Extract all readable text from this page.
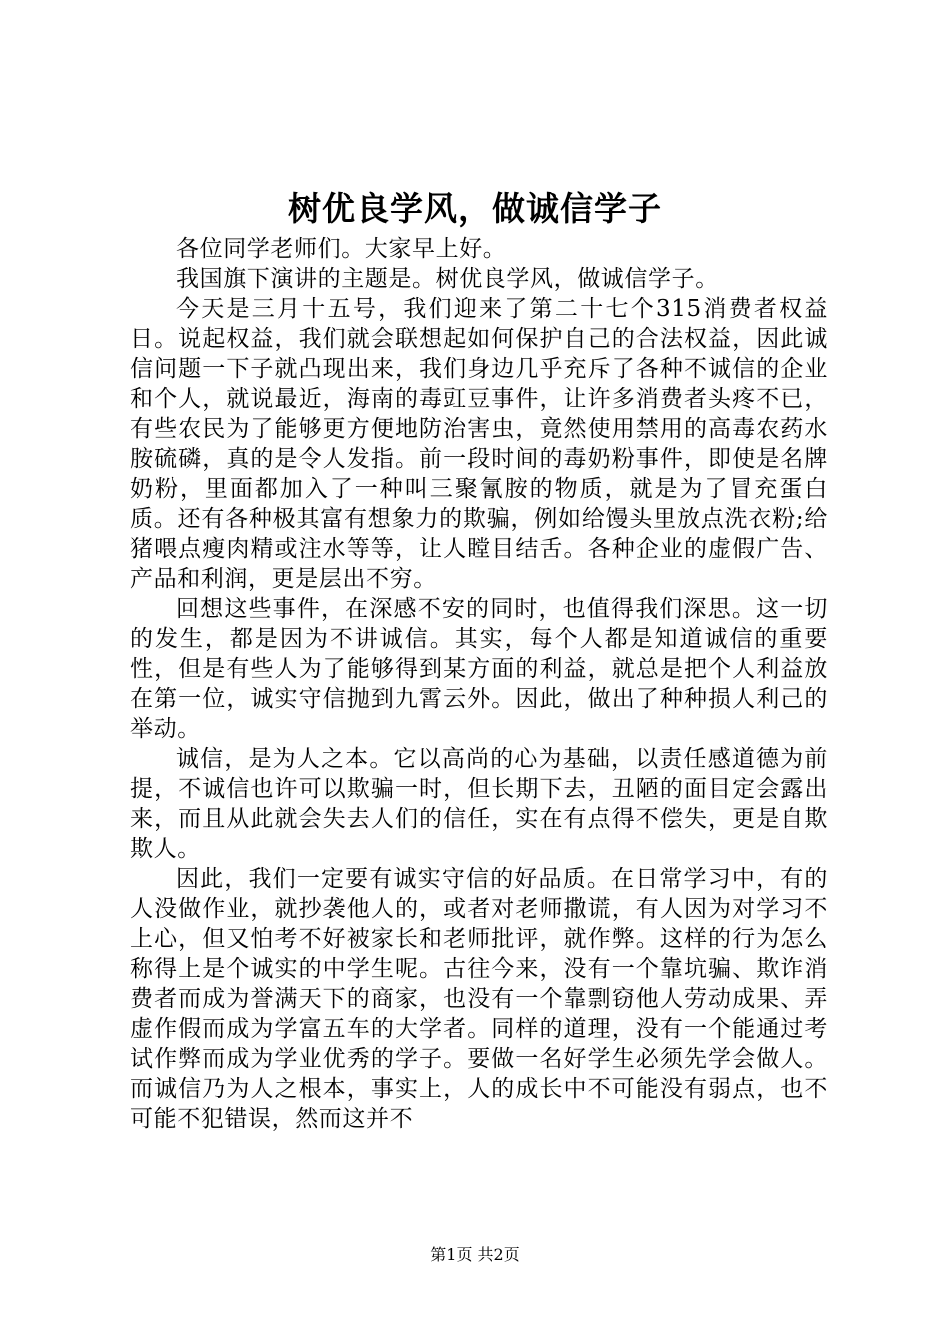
树优良学风，做诚信学子

各位同学老师们。大家早上好。

我国旗下演讲的主题是。树优良学风，做诚信学子。

今天是三月十五号，我们迎来了第二十七个315消费者权益日。说起权益，我们就会联想起如何保护自己的合法权益，因此诚信问题一下子就凸现出来，我们身边几乎充斥了各种不诚信的企业和个人，就说最近，海南的毒豇豆事件，让许多消费者头疼不已，有些农民为了能够更方便地防治害虫，竟然使用禁用的高毒农药水胺硫磷，真的是令人发指。前一段时间的毒奶粉事件，即使是名牌奶粉，里面都加入了一种叫三聚氰胺的物质，就是为了冒充蛋白质。还有各种极其富有想象力的欺骗，例如给馒头里放点洗衣粉;给猪喂点瘦肉精或注水等等，让人瞠目结舌。各种企业的虚假广告、产品和利润，更是层出不穷。

回想这些事件，在深感不安的同时，也值得我们深思。这一切的发生，都是因为不讲诚信。其实，每个人都是知道诚信的重要性，但是有些人为了能够得到某方面的利益，就总是把个人利益放在第一位，诚实守信抛到九霄云外。因此，做出了种种损人利己的举动。

诚信，是为人之本。它以高尚的心为基础，以责任感道德为前提，不诚信也许可以欺骗一时，但长期下去，丑陋的面目定会露出来，而且从此就会失去人们的信任，实在有点得不偿失，更是自欺欺人。

因此，我们一定要有诚实守信的好品质。在日常学习中，有的人没做作业，就抄袭他人的，或者对老师撒谎，有人因为对学习不上心，但又怕考不好被家长和老师批评，就作弊。这样的行为怎么称得上是个诚实的中学生呢。古往今来，没有一个靠坑骗、欺诈消费者而成为誉满天下的商家，也没有一个靠剽窃他人劳动成果、弄虚作假而成为学富五车的大学者。同样的道理，没有一个能通过考试作弊而成为学业优秀的学子。要做一名好学生必须先学会做人。而诚信乃为人之根本，事实上，人的成长中不可能没有弱点，也不可能不犯错误，然而这并不

第1页 共2页
